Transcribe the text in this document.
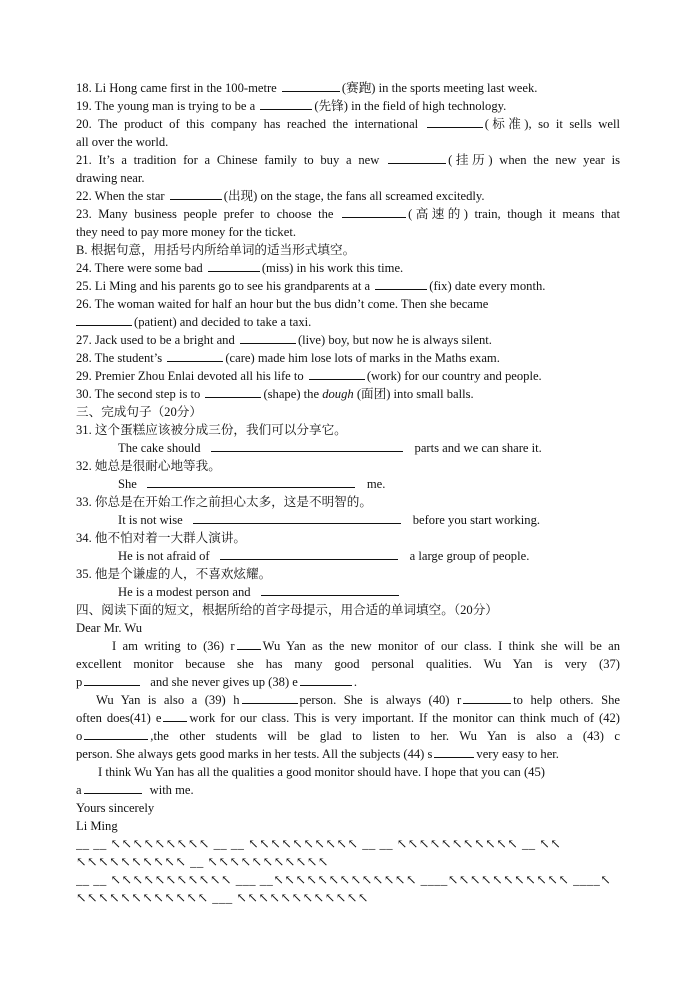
18. Li Hong came first in the 100-metre	(赛跑) in the sports meeting last week.
19. The young man is trying to be a	(先锋) in the field of high technology.
20. The product of this company has reached the international	(标准), so it sells well
all over the world.
21. It’s a tradition for a Chinese family to buy a new	(挂历) when the new year is
drawing near.
22. When the star	(出现) on the stage, the fans all screamed excitedly.
23. Many business people prefer to choose the	(高速的) train, though it means that
they need to pay more money for the ticket.
B. 根据句意，用括号内所给单词的适当形式填空。
24. There were some bad	(miss) in his work this time.
25. Li Ming and his parents go to see his grandparents at a	(fix) date every month.
26. The woman waited for half an hour but the bus didn’t come. Then she became
(patient) and decided to take a taxi.
27. Jack used to be a bright and	(live) boy, but now he is always silent.
28. The student’s	(care) made him lose lots of marks in the Maths exam.
29. Premier Zhou Enlai devoted all his life to	(work) for our country and people.
30. The second step is to	(shape) the dough (面团) into small balls.
三、完成句子（20分）
31. 这个蛋糕应该被分成三份，我们可以分享它。
The cake should	parts and we can share it.
32. 她总是很耐心地等我。
She	me.
33. 你总是在开始工作之前担心太多，这是不明智的。
It is not wise	before you start working.
34. 他不怕对着一大群人演讲。
He is not afraid of	a large group of people.
35. 他是个谦虚的人，不喜欢炫耀。
He is a modest person and
四、阅读下面的短文，根据所给的首字母提示，用合适的单词填空。（20分）
Dear Mr. Wu
I am writing to (36) r Wu Yan as the new monitor of our class. I think she will be an
excellent monitor because she has many good personal qualities. Wu Yan is very (37)
p	and she never gives up (38) e	.
Wu Yan is also a (39) h	person. She is always (40) r	to help others. She
often does(41) e work for our class. This is very important. If the monitor can think much of (42)
o	,the other students will be glad to listen to her. Wu Yan is also a (43) c
person. She always gets good marks in her tests. All the subjects (44) s	very easy to her.
I think Wu Yan has all the qualities a good monitor should have. I hope that you can (45)
a	with me.
Yours sincerely
Li Ming
__ __ ↖↖↖↖↖↖↖↖↖ __ __ ↖↖↖↖↖↖↖↖↖↖ __ __ ↖↖↖↖↖↖↖↖↖↖↖ __ ↖↖
↖↖↖↖↖↖↖↖↖↖ __ ↖↖↖↖↖↖↖↖↖↖↖
__ __ ↖↖↖↖↖↖↖↖↖↖↖ ___ __↖↖↖↖↖↖↖↖↖↖↖↖↖ ____↖↖↖↖↖↖↖↖↖↖↖ ____↖
↖↖↖↖↖↖↖↖↖↖↖↖ ___ ↖↖↖↖↖↖↖↖↖↖↖↖
